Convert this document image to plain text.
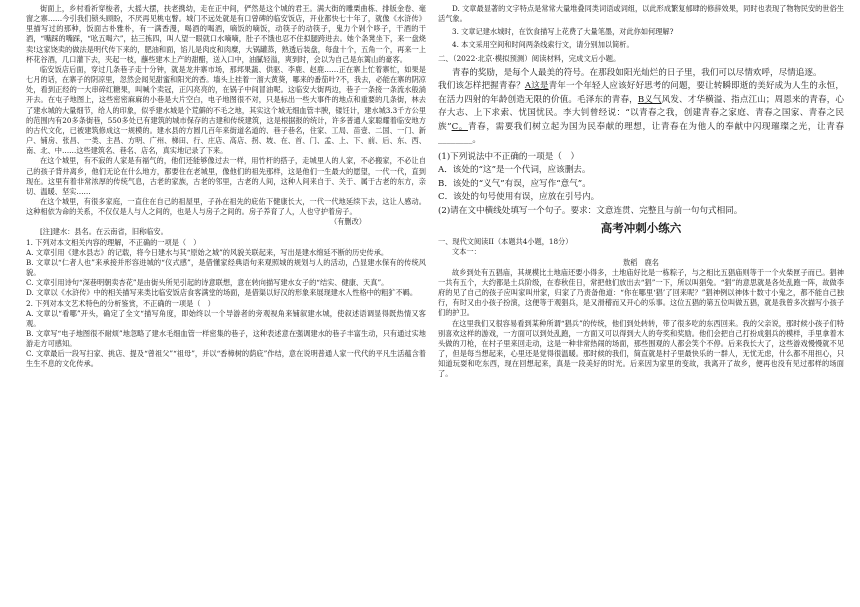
街面上，乡村看祈穿梭者，大摇大摆，扶老携幼，走在正中间，俨然是这个城的君王。满大街的雕栗曲栋、排版金卷、毫窗之寨……今引我们锁头顾盼，不厌再见桃屯瞥。城门不远处就是有口曾碑的临安饭店，开业都快七十年了，就像《水浒传》里描写过的那种，饭面古朴雅朴，有一满香漫，喝酒的喝酒，嘀饭的嘀饭，动筷子的动筷子，鬼力个剁个哆子，干酒的干酒，“嘴踩的嘴踩，“吆五喝六”，拈三拣四，叫人望一眼就口水嘀嘀，肚子不饿也忍不住拟腿跨进去。她个条凳坐下，来一盘烧卖!这家饶卖的做法是明代传下来的，肥油和面，馅儿是肉皮和肉糜，大锅罐蒸，熟透后装盘，每盘十个，五角一个，再来一上杯花谷酒，几口灌下去，夹起一枝，蘸些建木上产的甜醋，送入口中，油膩轻溢，爽到时，会以为自己是东篱山的豪客。

临安饭店后面，穿过几条巷子走十分钟，就是龙井寨市场，那邦果蔬、供驱、李鹿、赵鹿……正在寨上忙着寨忙，如果是七月的话，在寨子的阴凉里，忽然会闻见甜蜜和阳光的香。墙头上挂着一溜大黄葵，哪来的番茄叶?不，我去，必能在寨的阴凉处，看到正经的一大串碎红糖果，叫喊个卖冠，正闪亮亮的，在锅子中间冒油呢。这临安大街两边，巷子一条接一条流水般淌开去。在屯子地图上，这些密密麻麻的小巷是大片空白，电子地图很不对，只是标出一些大事件的地点和重要的几条街，林去了建水城的大量细节，给人的印象，似乎建水城是个荒僻的不毛之地，其实这个城无细血管丰腴，镂饪计，建水城3.3千方公里的范围内有20多条街巷，550多处已有建筑的城市保存的古建和传统建筑，这是根据报的统计，许多普通人家聪耀着临安地方的古代文化，已被建筑修成这一规模的。建水县的方圆几百年来街道名道的、巷子巷名，住家、工局、苗壹、二国、一门、新户、铺房、张昌、一类、主昌、方明、广州、梯田、行、庄店、高店、拐、坡、在、首、门、孟、上、下、前、后、东、西、南、北、中……这些建筑名、巷名、店名，真实地记录了下来。

在这个城里，有不寂的人家是有福气的，他们还能够像过去一样，用竹杆的搭子，走城里人的人家，不必搬家，不必让自己的孩子背井离乡，他们无论在什么地方，都要住在老城里，像他们的祖先那样，这是他们一生最大的愿望，一代一代，直到现在。这里有着非常浓厚的传统气息，古老的家族，古老的邻里，古老的人间，这种人间来自于、关于、属于古老的东方，亲切、温暖、坚实……

在这个城里，有很多家庭，一直住在自己的祖屋里，子孙在祖先的庇佑下健康长大，一代一代地延续下去，这让人感动。这种相依为命的关系，不仅仅是人与人之间的，也是人与房子之间的。房子养育了人，人也守护着房子。

（有删改）

[注]建水：县名。在云南省，旧称临安。

1. 下列对本文相关内容的理解，不正确的一项是（　）

A. 文章引用《建水县志》的记载，将今日建水与其“原始之城”的风貌关联起来，写出是建水绵延不断的历史传承。

B. 文章以“仁者人也”来承接并形容进城的“仪式感”，是借懂家经典语句来观照城的规划与人的活动，凸显建水保有的传统风貌。

C. 文章引用诗句“深巷明朝卖杏花”是由街头所见引起的诗意联想，意在转向描写建水女子的“结实、健康、天真”。

D. 文章以《水浒传》中的相关描写来类比临安饭店食客满堂的场面，是借渠以好汉的形象来展现建水人性格中的粗犷不羁。

2. 下列对本文艺术特色的分析鉴赏，不正确的一项是（　）

A. 文章以“看哪”开头，确定了全文“描写角度，即始终以一个导游者的旁观视角来铺叙建水城，使叙述语调显得既热情又客观。

B. 文章写“电子地图很不耐烦”地忽略了建水毛细血管一样密集的巷子，这种表述意在强调建水的巷子丰富生动，只有通过实地游走方可感知。

C. 文章最后一段写扫家、挑店、提及“曾祖父”“祖母”，并以“香樟树的荫庇”作结，意在说明普通人家一代代的平凡生活蕴含着生生不息的文化传承。

D. 文章最显著的文字特点是常常大量堆叠同类词语或词组，以此形成繁复郁肆的修辞效果，同时也表现了物物民安的世俗生活气象。

3. 文章记建水城时，在饮食描写上花费了大量笔墨，对此你如何理解?

4. 本文采用空间和时间两条线索行文，请分别加以简析。

二、（2022·北京·模拟预测）阅读材料，完成文后小题。

青春的奖励，是每个人最美的符号。在那段如阳光灿烂的日子里，我们可以尽情欢呼，尽情追逐。

我们该怎样把握青春？A这是青年一个年轻人应该好好思考的问题，要让转瞬即逝的美好成为人生的永恒，在活力四射的年龄创造无限的价值。毛泽东的青春，B义气风发、才华横溢、指点江山；周恩来的青春，心存大志、上下求索、忧国忧民。李大钊曾经说：“以青春之我，创建青春之家庭、青春之国家、青春之民族”C。青春，需要我们树立起为国为民奉献的理想，让青春在为他人的奉献中闪现璀璨之光，让青春________。

(1)下列说法中不正确的一项是（　）

A．该处的“这”是一个代词，应该删去。

B．该处的“义气”有误，应写作“意气”。

C．该处的句号使用有误，应放在引号内。

(2)请在文中横线处填写一个句子。要求：文意连贯、完整且与前一句句式相同。

高考冲刺小练六

一、现代文阅读II（本题共4小题，18分）

文本一：

敖稻　鹿名

故乡到处有五猖庙，其规模比土地庙还要小得多，土地庙好比是一栋粽子，与之相比五猖庙则等于一个火柴匣子而已。猖神一共有五个，大约都是土兵阶级，在春秋佳日，常把他们放出去“猖”一下，所以叫猖兔。“猖”的意思就是各处乱跑一阵，故做李府的见了自己的孩子应叫家叫卅家，归家了乃责备他道：“你在哪里‘猖’了回来呢？”猖神例以神体十数寸小鬼之，都不能自己独行，有时又由小孩子扮演，这便等于观猖兵，是又滑稽而又开心的乐事。这位五猖的第五位叫做五猖，就是我曾多次描写小孩子们的护卫。

在这里我们又很容易看到某种所谓“猖兵”的传统，他们到处转转，带了很多吃的东西回来。我的父亲说，那时候小孩子们特别喜欢这样的游戏，一方面可以到处乱跑，一方面又可以得到大人的夸奖和奖励。他们会把自己打扮成猖兵的模样，手里拿着木头做的刀枪，在村子里来回走动，这是一种非常热闹的场面，那些围观的人都会笑个不停。后来我长大了，这些游戏慢慢就不见了，但是每当想起来，心里还是觉得很温暖。那时候的我们，简直就是村子里最快乐的一群人，无忧无虑，什么都不用担心，只知道玩耍和吃东西，现在回想起来，真是一段美好的时光。后来因为家里的变故，我离开了故乡，便再也没有见过那样的场面了。
